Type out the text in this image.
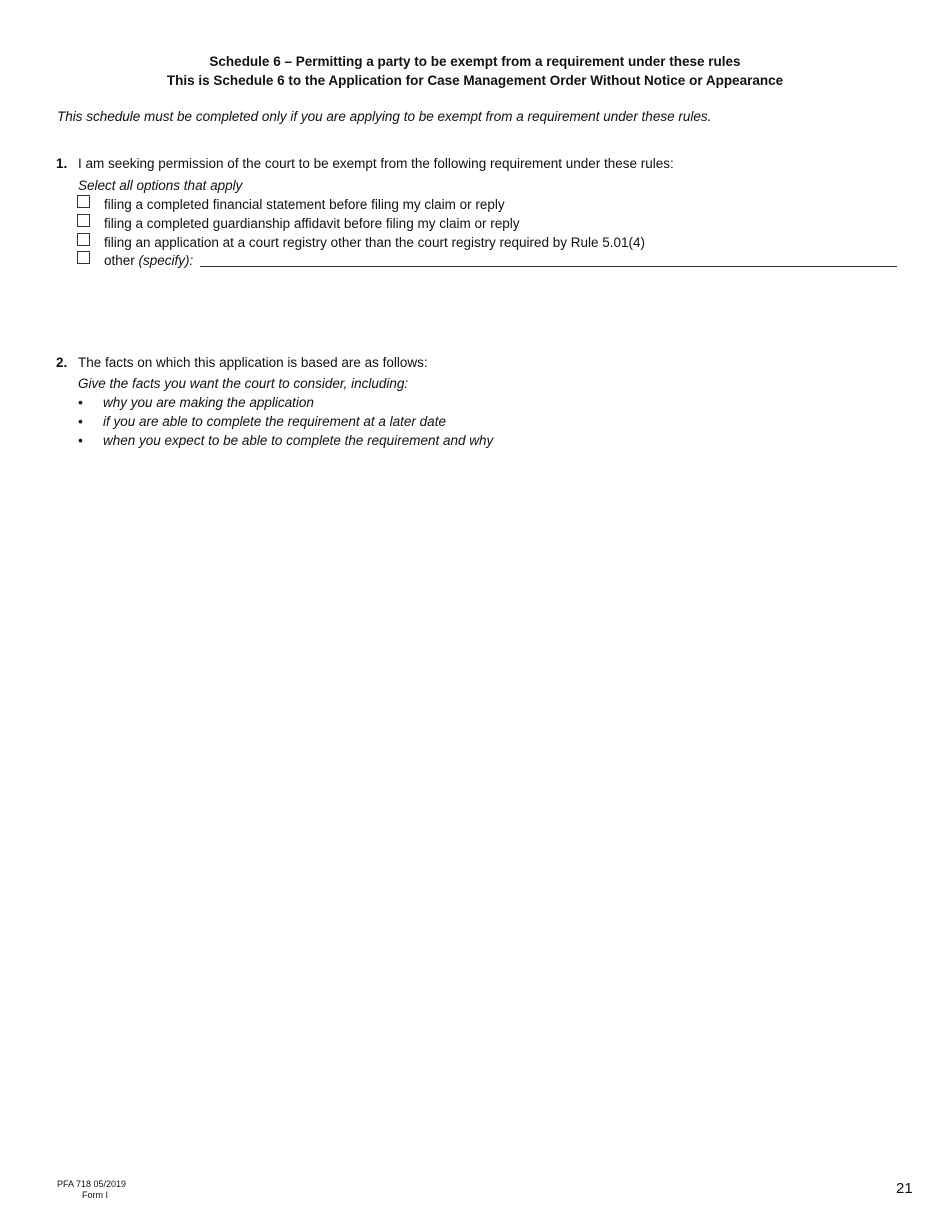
Schedule 6 – Permitting a party to be exempt from a requirement under these rules
This is Schedule 6 to the Application for Case Management Order Without Notice or Appearance
This schedule must be completed only if you are applying to be exempt from a requirement under these rules.
1. I am seeking permission of the court to be exempt from the following requirement under these rules:
Select all options that apply
filing a completed financial statement before filing my claim or reply
filing a completed guardianship affidavit before filing my claim or reply
filing an application at a court registry other than the court registry required by Rule 5.01(4)
other (specify):
2. The facts on which this application is based are as follows:
Give the facts you want the court to consider, including:
• why you are making the application
• if you are able to complete the requirement at a later date
• when you expect to be able to complete the requirement and why
PFA 718 05/2019
Form I	21
